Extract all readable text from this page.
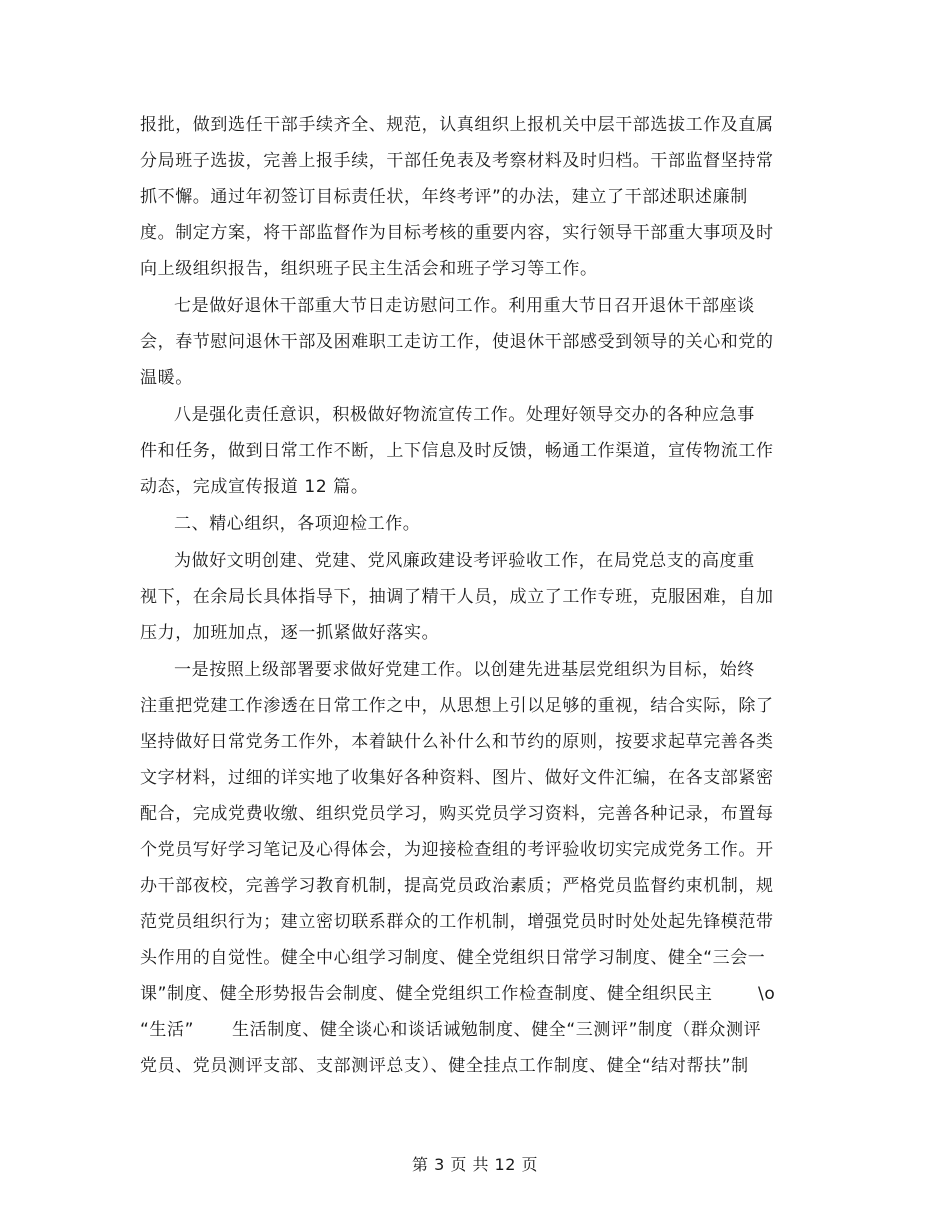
报批，做到选任干部手续齐全、规范，认真组织上报机关中层干部选拔工作及直属
分局班子选拔，完善上报手续，干部任免表及考察材料及时归档。干部监督坚持常
抓不懈。通过年初签订目标责任状，年终考评”的办法，建立了干部述职述廉制
度。制定方案，将干部监督作为目标考核的重要内容，实行领导干部重大事项及时
向上级组织报告，组织班子民主生活会和班子学习等工作。
七是做好退休干部重大节日走访慰问工作。利用重大节日召开退休干部座谈
会，春节慰问退休干部及困难职工走访工作，使退休干部感受到领导的关心和党的
温暖。
八是强化责任意识，积极做好物流宣传工作。处理好领导交办的各种应急事
件和任务，做到日常工作不断，上下信息及时反馈，畅通工作渠道，宣传物流工作
动态，完成宣传报道 12 篇。
二、精心组织，各项迎检工作。
为做好文明创建、党建、党风廉政建设考评验收工作，在局党总支的高度重
视下，在余局长具体指导下，抽调了精干人员，成立了工作专班，克服困难，自加
压力，加班加点，逐一抓紧做好落实。
一是按照上级部署要求做好党建工作。以创建先进基层党组织为目标，始终
注重把党建工作渗透在日常工作之中，从思想上引以足够的重视，结合实际，除了
坚持做好日常党务工作外，本着缺什么补什么和节约的原则，按要求起草完善各类
文字材料，过细的详实地了收集好各种资料、图片、做好文件汇编，在各支部紧密
配合，完成党费收缴、组织党员学习，购买党员学习资料，完善各种记录，布置每
个党员写好学习笔记及心得体会，为迎接检查组的考评验收切实完成党务工作。开
办干部夜校，完善学习教育机制，提高党员政治素质；严格党员监督约束机制，规
范党员组织行为；建立密切联系群众的工作机制，增强党员时时处处起先锋模范带
头作用的自觉性。健全中心组学习制度、健全党组织日常学习制度、健全“三会一
课”制度、健全形势报告会制度、健全党组织工作检查制度、健全组织民主	\o
“生活” 生活制度、健全谈心和谈话诫勉制度、健全“三测评”制度（群众测评
党员、党员测评支部、支部测评总支）、健全挂点工作制度、健全“结对帮扶”制
第 3 页 共 12 页
